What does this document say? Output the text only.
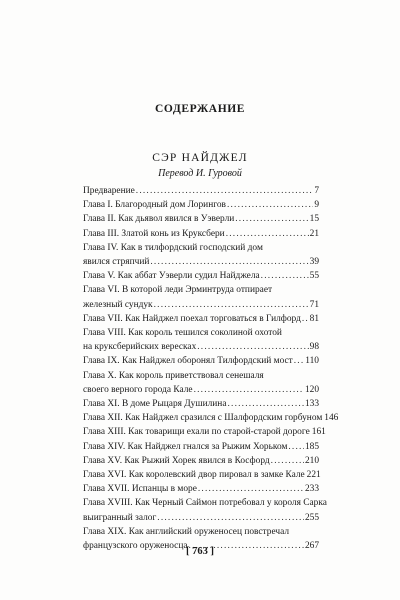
СОДЕРЖАНИЕ
СЭР НАЙДЖЕЛ
Перевод И. Гуровой
Предварение .....	7
Глава I. Благородный дом Лорингов .....	9
Глава II. Как дьявол явился в Уэверли .....	15
Глава III. Златой конь из Круксбери .....	21
Глава IV. Как в тилфордский господский дом
явился стряпчий .....	39
Глава V. Как аббат Уэверли судил Найджела .....	55
Глава VI. В которой леди Эрминтруда отпирает
железный сундук .....	71
Глава VII. Как Найджел поехал торговаться в Гилфорд ..... 81
Глава VIII. Как король тешился соколиной охотой
на круксберийских вересках .....	98
Глава IX. Как Найджел оборонял Тилфордский мост ..... 110
Глава X. Как король приветствовал сенешаля
своего верного города Кале .....	120
Глава XI. В доме Рыцаря Душилина .....	133
Глава XII. Как Найджел сразился с Шалфордским горбуном 146
Глава XIII. Как товарищи ехали по старой-старой дороге 161
Глава XIV. Как Найджел гнался за Рыжим Хорьком ..... 185
Глава XV. Как Рыжий Хорек явился в Косфорд .....	210
Глава XVI. Как королевский двор пировал в замке Кале 221
Глава XVII. Испанцы в море .....	233
Глава XVIII. Как Черный Саймон потребовал у короля Сарка
выигранный залог .....	255
Глава XIX. Как английский оруженосец повстречал
французского оруженосца .....	267
[ 763 ]
